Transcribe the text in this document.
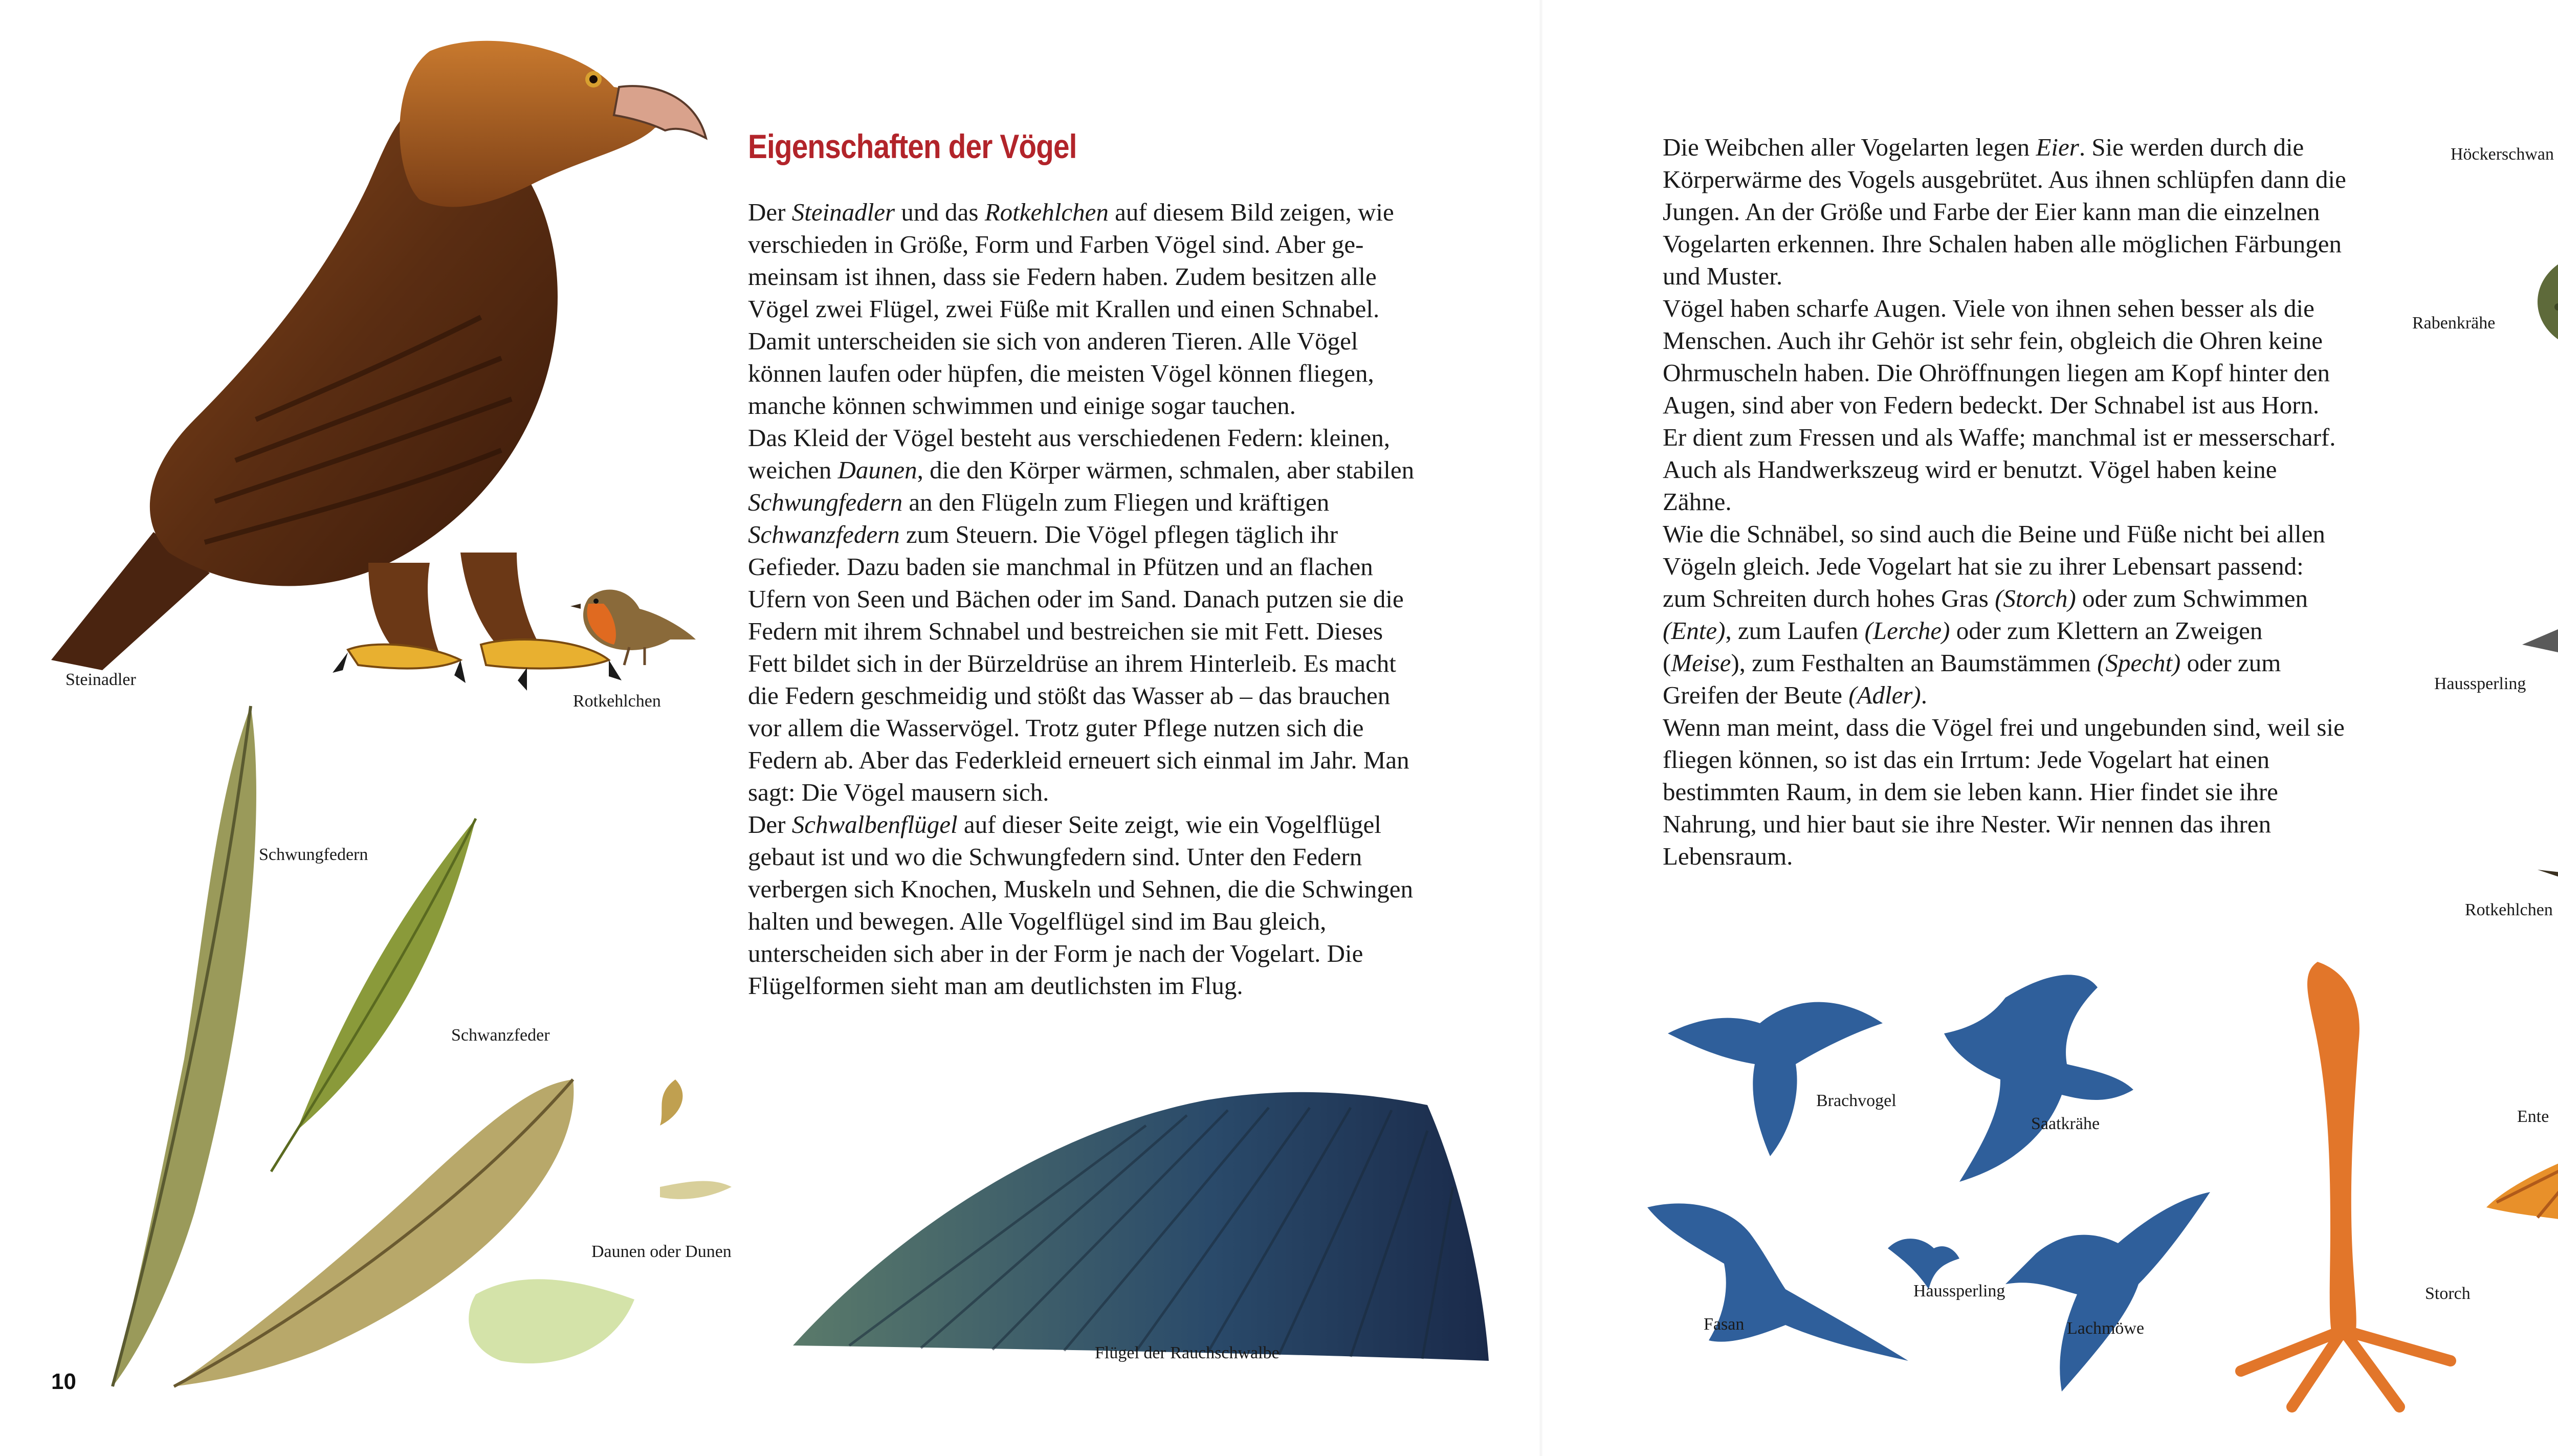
Steinadler
Rotkehlchen
Schwungfedern
Schwanzfeder
Daunen oder Dunen
Flügel der Rauchschwalbe
Eigenschaften der Vögel

Der Steinadler und das Rotkehlchen auf diesem Bild zeigen, wie verschieden in Größe, Form und Farben Vögel sind. Aber gemeinsam ist ihnen, dass sie Federn haben. Zudem besitzen alle Vögel zwei Flügel, zwei Füße mit Krallen und einen Schnabel. Damit unterscheiden sie sich von anderen Tieren. Alle Vögel können laufen oder hüpfen, die meisten Vögel können fliegen, manche können schwimmen und einige sogar tauchen.

Das Kleid der Vögel besteht aus verschiedenen Federn: kleinen, weichen Daunen, die den Körper wärmen, schmalen, aber stabilen Schwungfedern an den Flügeln zum Fliegen und kräftigen Schwanzfedern zum Steuern. Die Vögel pflegen täglich ihr Gefieder. Dazu baden sie manchmal in Pfützen und an flachen Ufern von Seen und Bächen oder im Sand. Danach putzen sie die Federn mit ihrem Schnabel und bestreichen sie mit Fett. Dieses Fett bildet sich in der Bürzeldrüse an ihrem Hinterleib. Es macht die Federn geschmeidig und stößt das Wasser ab – das brauchen vor allem die Wasservögel. Trotz guter Pflege nutzen sich die Federn ab. Aber das Federkleid erneuert sich einmal im Jahr. Man sagt: Die Vögel mausern sich.

Der Schwalbenflügel auf dieser Seite zeigt, wie ein Vogelflügel gebaut ist und wo die Schwungfedern sind. Unter den Federn verbergen sich Knochen, Muskeln und Sehnen, die die Schwingen halten und bewegen. Alle Vogelflügel sind im Bau gleich, unterscheiden sich aber in der Form je nach der Vogelart. Die Flügelformen sieht man am deutlichsten im Flug.

10

Die Weibchen aller Vogelarten legen Eier. Sie werden durch die Körperwärme des Vogels ausgebrütet. Aus ihnen schlüpfen dann die Jungen. An der Größe und Farbe der Eier kann man die einzelnen Vogelarten erkennen. Ihre Schalen haben alle möglichen Färbungen und Muster.

Vögel haben scharfe Augen. Viele von ihnen sehen besser als die Menschen. Auch ihr Gehör ist sehr fein, obgleich die Ohren keine Ohrmuscheln haben. Die Ohröffnungen liegen am Kopf hinter den Augen, sind aber von Federn bedeckt. Der Schnabel ist aus Horn. Er dient zum Fressen und als Waffe; manchmal ist er messerscharf. Auch als Handwerkszeug wird er benutzt. Vögel haben keine Zähne.

Wie die Schnäbel, so sind auch die Beine und Füße nicht bei allen Vögeln gleich. Jede Vogelart hat sie zu ihrer Lebensart passend: zum Schreiten durch hohes Gras (Storch) oder zum Schwimmen (Ente), zum Laufen (Lerche) oder zum Klettern an Zweigen (Meise), zum Festhalten an Baumstämmen (Specht) oder zum Greifen der Beute (Adler).

Wenn man meint, dass die Vögel frei und ungebunden sind, weil sie fliegen können, so ist das ein Irrtum: Jede Vogelart hat einen bestimmten Raum, in dem sie leben kann. Hier findet sie ihre Nahrung, und hier baut sie ihre Nester. Wir nennen das ihren Lebensraum.

Höckerschwan
Rabenkrähe
Haussperling
Rotkehlchen
Ente
Storch
Brachvogel
Saatkrähe
Fasan
Haussperling
Lachmöwe
